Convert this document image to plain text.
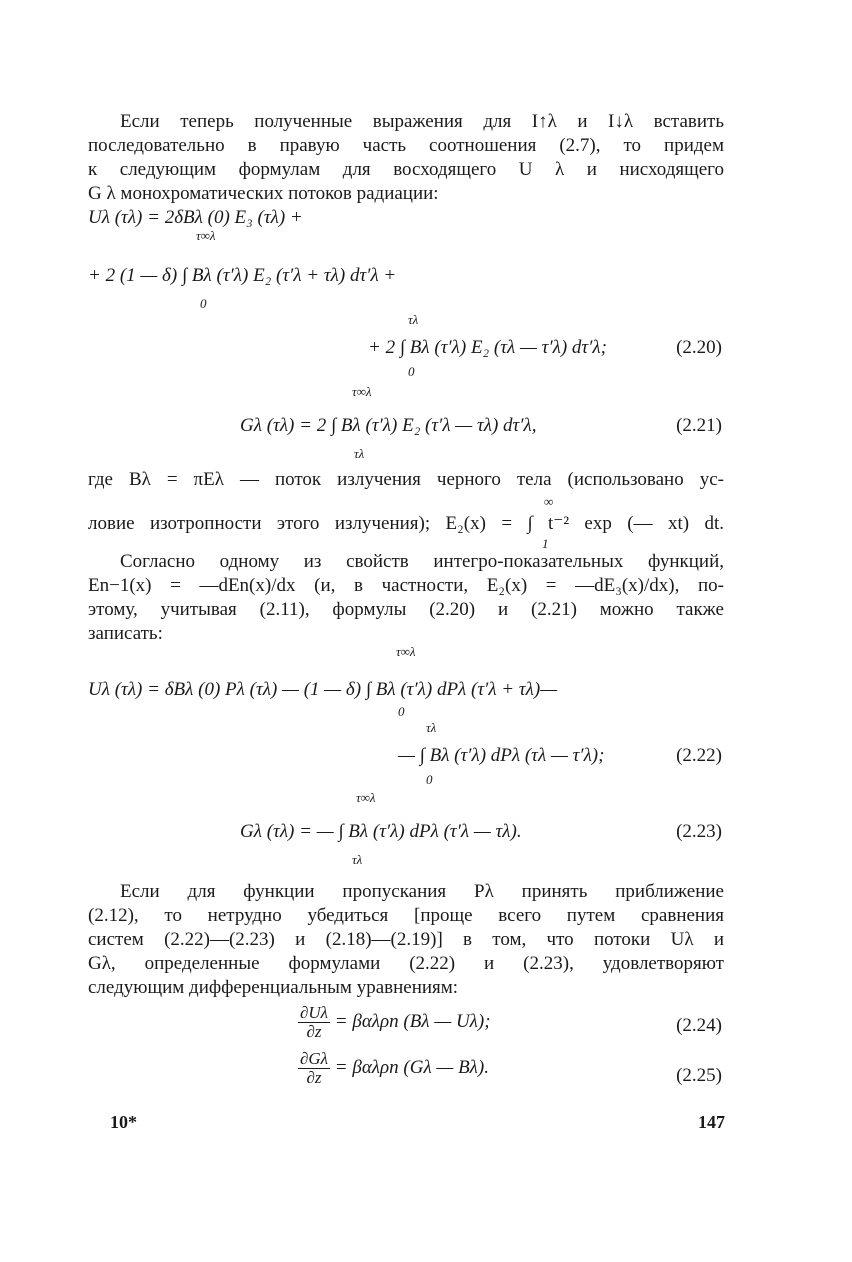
Если теперь полученные выражения для I↑λ и I↓λ вставить
последовательно в правую часть соотношения (2.7), то придем
к следующим формулам для восходящего U λ и нисходящего
G λ монохроматических потоков радиации:
Uλ (τλ) = 2δBλ (0) E₃ (τλ) +
τ∞λ
+ 2 (1 — δ) ∫ Bλ (τ′λ) E₂ (τ′λ + τλ) dτ′λ +
0
τλ
+ 2 ∫ Bλ (τ′λ) E₂ (τλ — τ′λ) dτ′λ;
0
(2.20)
τ∞λ
Gλ (τλ) = 2 ∫ Bλ (τ′λ) E₂ (τ′λ — τλ) dτ′λ,
τλ
(2.21)
где Bλ = πEλ — поток излучения черного тела (использовано ус-
∞
ловие изотропности этого излучения); E₂(x) = ∫ t⁻² exp (— xt) dt.
1
Согласно одному из свойств интегро-показательных функций,
En−1(x) = —dEn(x)/dx (и, в частности, E₂(x) = —dE₃(x)/dx), по-
этому, учитывая (2.11), формулы (2.20) и (2.21) можно также
записать:
τ∞λ
Uλ (τλ) = δBλ (0) Pλ (τλ) — (1 — δ) ∫ Bλ (τ′λ) dPλ (τ′λ + τλ)—
0
τλ
— ∫ Bλ (τ′λ) dPλ (τλ — τ′λ);
0
(2.22)
τ∞λ
Gλ (τλ) = — ∫ Bλ (τ′λ) dPλ (τ′λ — τλ).
τλ
(2.23)
Если для функции пропускания Pλ принять приближение
(2.12), то нетрудно убедиться [проще всего путем сравнения
систем (2.22)—(2.23) и (2.18)—(2.19)] в том, что потоки Uλ и
Gλ, определенные формулами (2.22) и (2.23), удовлетворяют
следующим дифференциальным уравнениям:
$\frac{\partial U\lambda}{\partial z} = \beta\alpha\lambda\rho n$ (Bλ — Uλ);	(2.24)
$\frac{\partial G\lambda}{\partial z} = \beta\alpha\lambda\rho n$ (Gλ — Bλ).	(2.25)
10*	147
